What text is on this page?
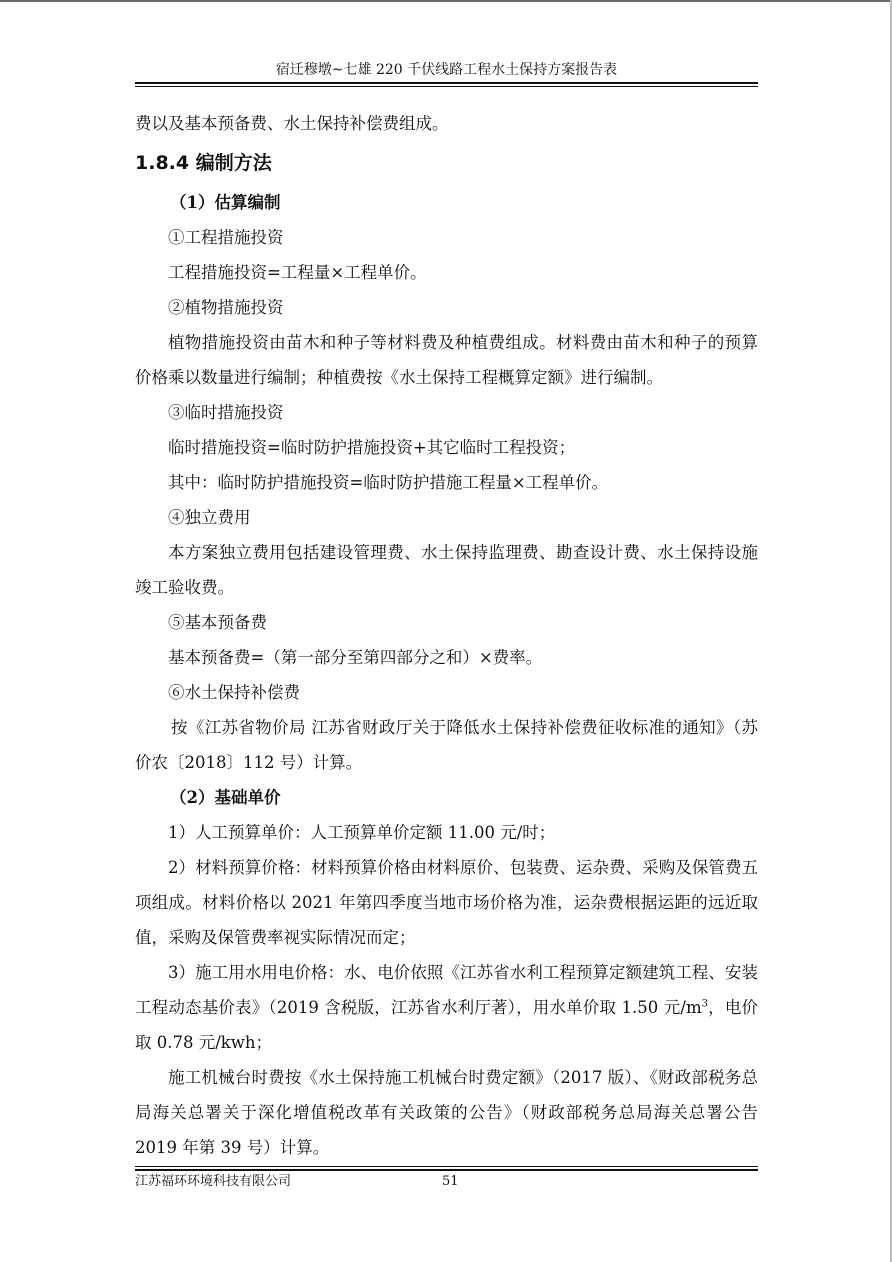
宿迁穆墩~七雄 220 千伏线路工程水土保持方案报告表

费以及基本预备费、水土保持补偿费组成。

1.8.4 编制方法

（1）估算编制

①工程措施投资

工程措施投资=工程量×工程单价。

②植物措施投资

植物措施投资由苗木和种子等材料费及种植费组成。材料费由苗木和种子的预算价格乘以数量进行编制；种植费按《水土保持工程概算定额》进行编制。

③临时措施投资

临时措施投资=临时防护措施投资+其它临时工程投资；

其中：临时防护措施投资=临时防护措施工程量×工程单价。

④独立费用

本方案独立费用包括建设管理费、水土保持监理费、勘查设计费、水土保持设施竣工验收费。

⑤基本预备费

基本预备费=（第一部分至第四部分之和）×费率。

⑥水土保持补偿费

按《江苏省物价局 江苏省财政厅关于降低水土保持补偿费征收标准的通知》（苏价农〔2018〕112 号）计算。

（2）基础单价

1）人工预算单价：人工预算单价定额 11.00 元/时；

2）材料预算价格：材料预算价格由材料原价、包装费、运杂费、采购及保管费五项组成。材料价格以 2021 年第四季度当地市场价格为准，运杂费根据运距的远近取值，采购及保管费率视实际情况而定；

3）施工用水用电价格：水、电价依照《江苏省水利工程预算定额建筑工程、安装工程动态基价表》（2019 含税版，江苏省水利厅著），用水单价取 1.50 元$/m^3$，电价取 0.78 元/kwh；

施工机械台时费按《水土保持施工机械台时费定额》（2017 版）、《财政部税务总局海关总署关于深化增值税改革有关政策的公告》（财政部税务总局海关总署公告 2019 年第 39 号）计算。

江苏福环环境科技有限公司	51
